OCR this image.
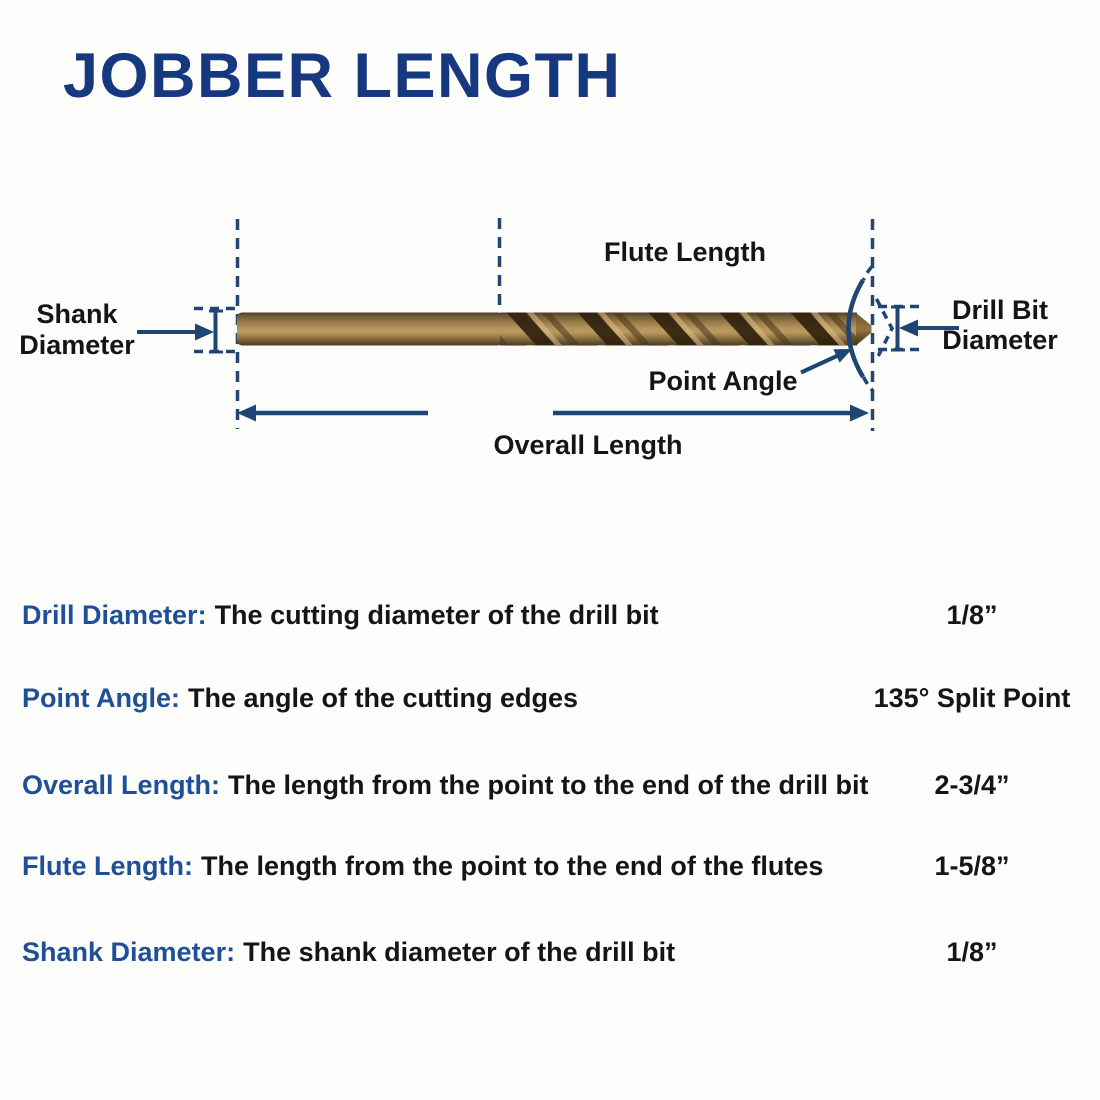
JOBBER LENGTH
Shank
Diameter
Flute Length
Point Angle
Drill Bit
Diameter
Overall Length
Drill Diameter: The cutting diameter of the drill bit	1/8”
Point Angle: The angle of the cutting edges	135° Split Point
Overall Length: The length from the point to the end of the drill bit	2-3/4”
Flute Length: The length from the point to the end of the flutes	1-5/8”
Shank Diameter: The shank diameter of the drill bit	1/8”
